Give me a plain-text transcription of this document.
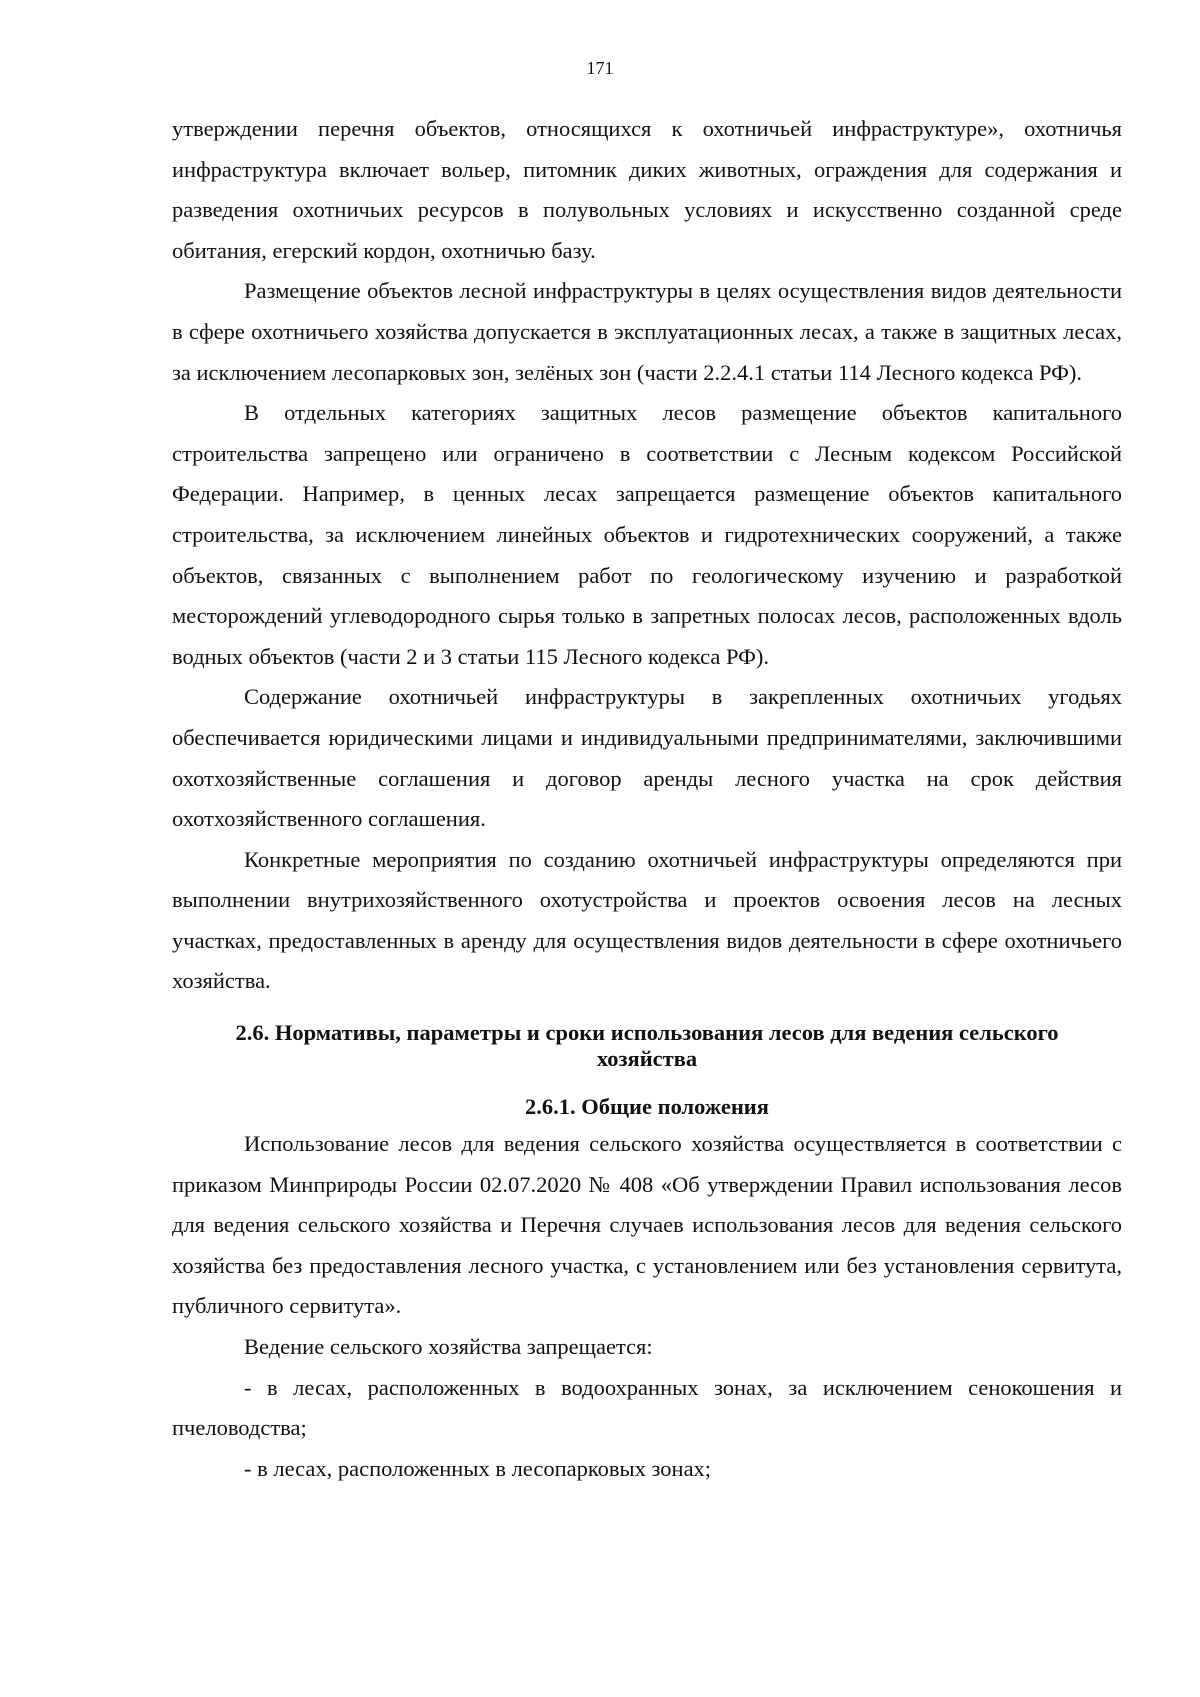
171

утверждении перечня объектов, относящихся к охотничьей инфраструктуре», охотничья инфраструктура включает вольер, питомник диких животных, ограждения для содержания и разведения охотничьих ресурсов в полувольных условиях и искусственно созданной среде обитания, егерский кордон, охотничью базу.

Размещение объектов лесной инфраструктуры в целях осуществления видов деятельности в сфере охотничьего хозяйства допускается в эксплуатационных лесах, а также в защитных лесах, за исключением лесопарковых зон, зелёных зон (части 2.2.4.1 статьи 114 Лесного кодекса РФ).

В отдельных категориях защитных лесов размещение объектов капитального строительства запрещено или ограничено в соответствии с Лесным кодексом Российской Федерации. Например, в ценных лесах запрещается размещение объектов капитального строительства, за исключением линейных объектов и гидротехнических сооружений, а также объектов, связанных с выполнением работ по геологическому изучению и разработкой месторождений углеводородного сырья только в запретных полосах лесов, расположенных вдоль водных объектов (части 2 и 3 статьи 115 Лесного кодекса РФ).

Содержание охотничьей инфраструктуры в закрепленных охотничьих угодьях обеспечивается юридическими лицами и индивидуальными предпринимателями, заключившими охотхозяйственные соглашения и договор аренды лесного участка на срок действия охотхозяйственного соглашения.

Конкретные мероприятия по созданию охотничьей инфраструктуры определяются при выполнении внутрихозяйственного охотустройства и проектов освоения лесов на лесных участках, предоставленных в аренду для осуществления видов деятельности в сфере охотничьего хозяйства.

2.6. Нормативы, параметры и сроки использования лесов для ведения сельского хозяйства
2.6.1. Общие положения

Использование лесов для ведения сельского хозяйства осуществляется в соответствии с приказом Минприроды России 02.07.2020 № 408 «Об утверждении Правил использования лесов для ведения сельского хозяйства и Перечня случаев использования лесов для ведения сельского хозяйства без предоставления лесного участка, с установлением или без установления сервитута, публичного сервитута».

Ведение сельского хозяйства запрещается:

- в лесах, расположенных в водоохранных зонах, за исключением сенокошения и пчеловодства;

- в лесах, расположенных в лесопарковых зонах;
